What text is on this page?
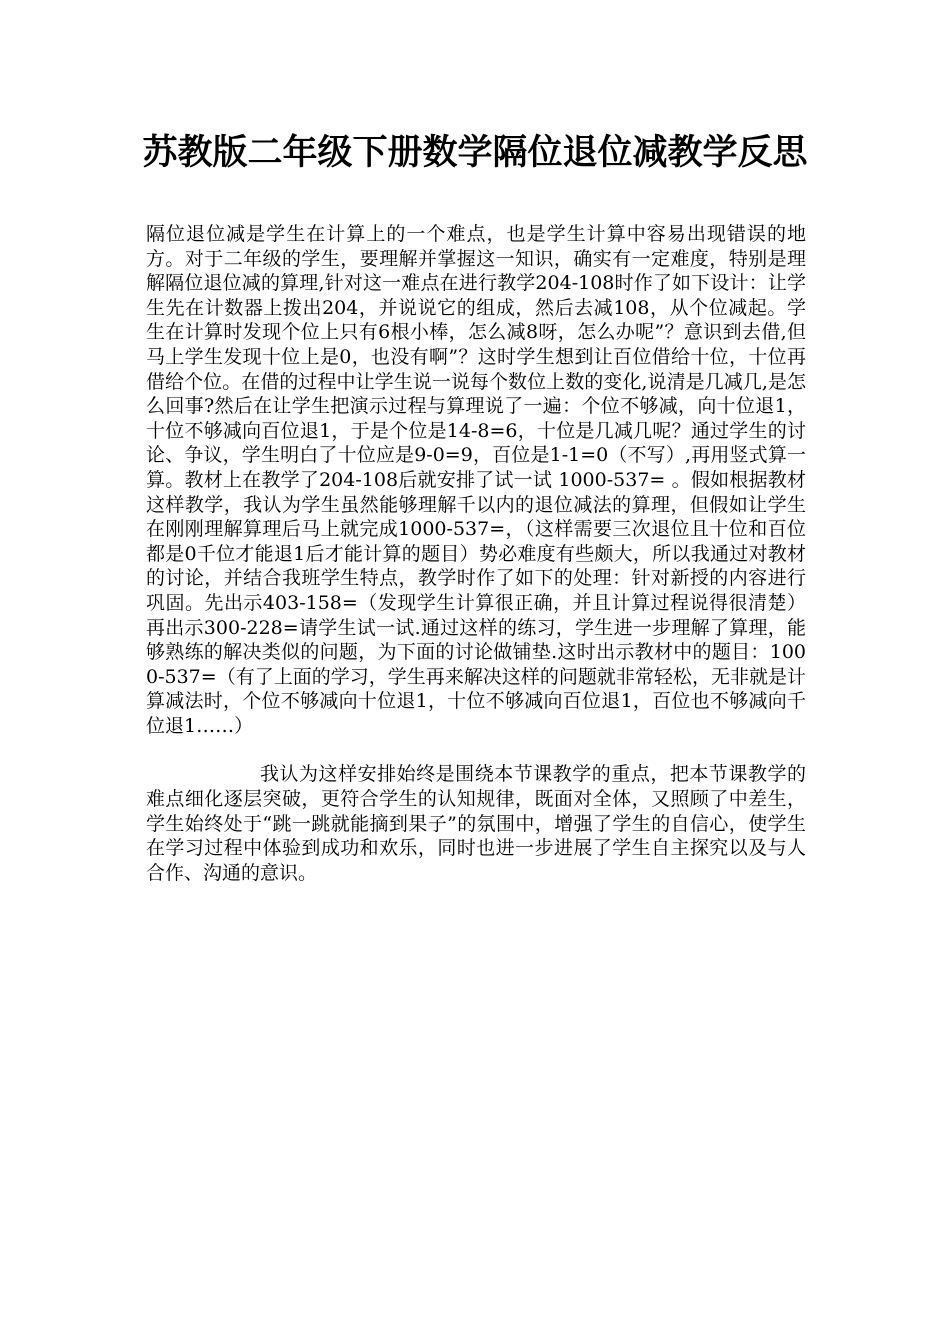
苏教版二年级下册数学隔位退位减教学反思

隔位退位减是学生在计算上的一个难点，也是学生计算中容易出现错误的地方。对于二年级的学生，要理解并掌握这一知识，确实有一定难度，特别是理解隔位退位减的算理,针对这一难点在进行教学204-108时作了如下设计：让学生先在计数器上拨出204，并说说它的组成，然后去减108，从个位减起。学生在计算时发现个位上只有6根小棒，怎么减8呀，怎么办呢”？意识到去借,但马上学生发现十位上是0，也没有啊”？这时学生想到让百位借给十位，十位再借给个位。在借的过程中让学生说一说每个数位上数的变化,说清是几减几,是怎么回事?然后在让学生把演示过程与算理说了一遍：个位不够减，向十位退1，十位不够减向百位退1，于是个位是14-8=6，十位是几减几呢？通过学生的讨论、争议，学生明白了十位应是9-0=9，百位是1-1=0（不写）,再用竖式算一算。教材上在教学了204-108后就安排了试一试 1000-537= 。假如根据教材这样教学，我认为学生虽然能够理解千以内的退位减法的算理，但假如让学生在刚刚理解算理后马上就完成1000-537=，（这样需要三次退位且十位和百位都是0千位才能退1后才能计算的题目）势必难度有些颇大，所以我通过对教材的讨论，并结合我班学生特点，教学时作了如下的处理：针对新授的内容进行巩固。先出示403-158=（发现学生计算很正确，并且计算过程说得很清楚）再出示300-228=请学生试一试.通过这样的练习，学生进一步理解了算理，能够熟练的解决类似的问题，为下面的讨论做铺垫.这时出示教材中的题目：1000-537=（有了上面的学习，学生再来解决这样的问题就非常轻松，无非就是计算减法时，个位不够减向十位退1，十位不够减向百位退1，百位也不够减向千位退1……）

我认为这样安排始终是围绕本节课教学的重点，把本节课教学的难点细化逐层突破，更符合学生的认知规律，既面对全体，又照顾了中差生，学生始终处于“跳一跳就能摘到果子”的氛围中，增强了学生的自信心，使学生在学习过程中体验到成功和欢乐，同时也进一步进展了学生自主探究以及与人合作、沟通的意识。
